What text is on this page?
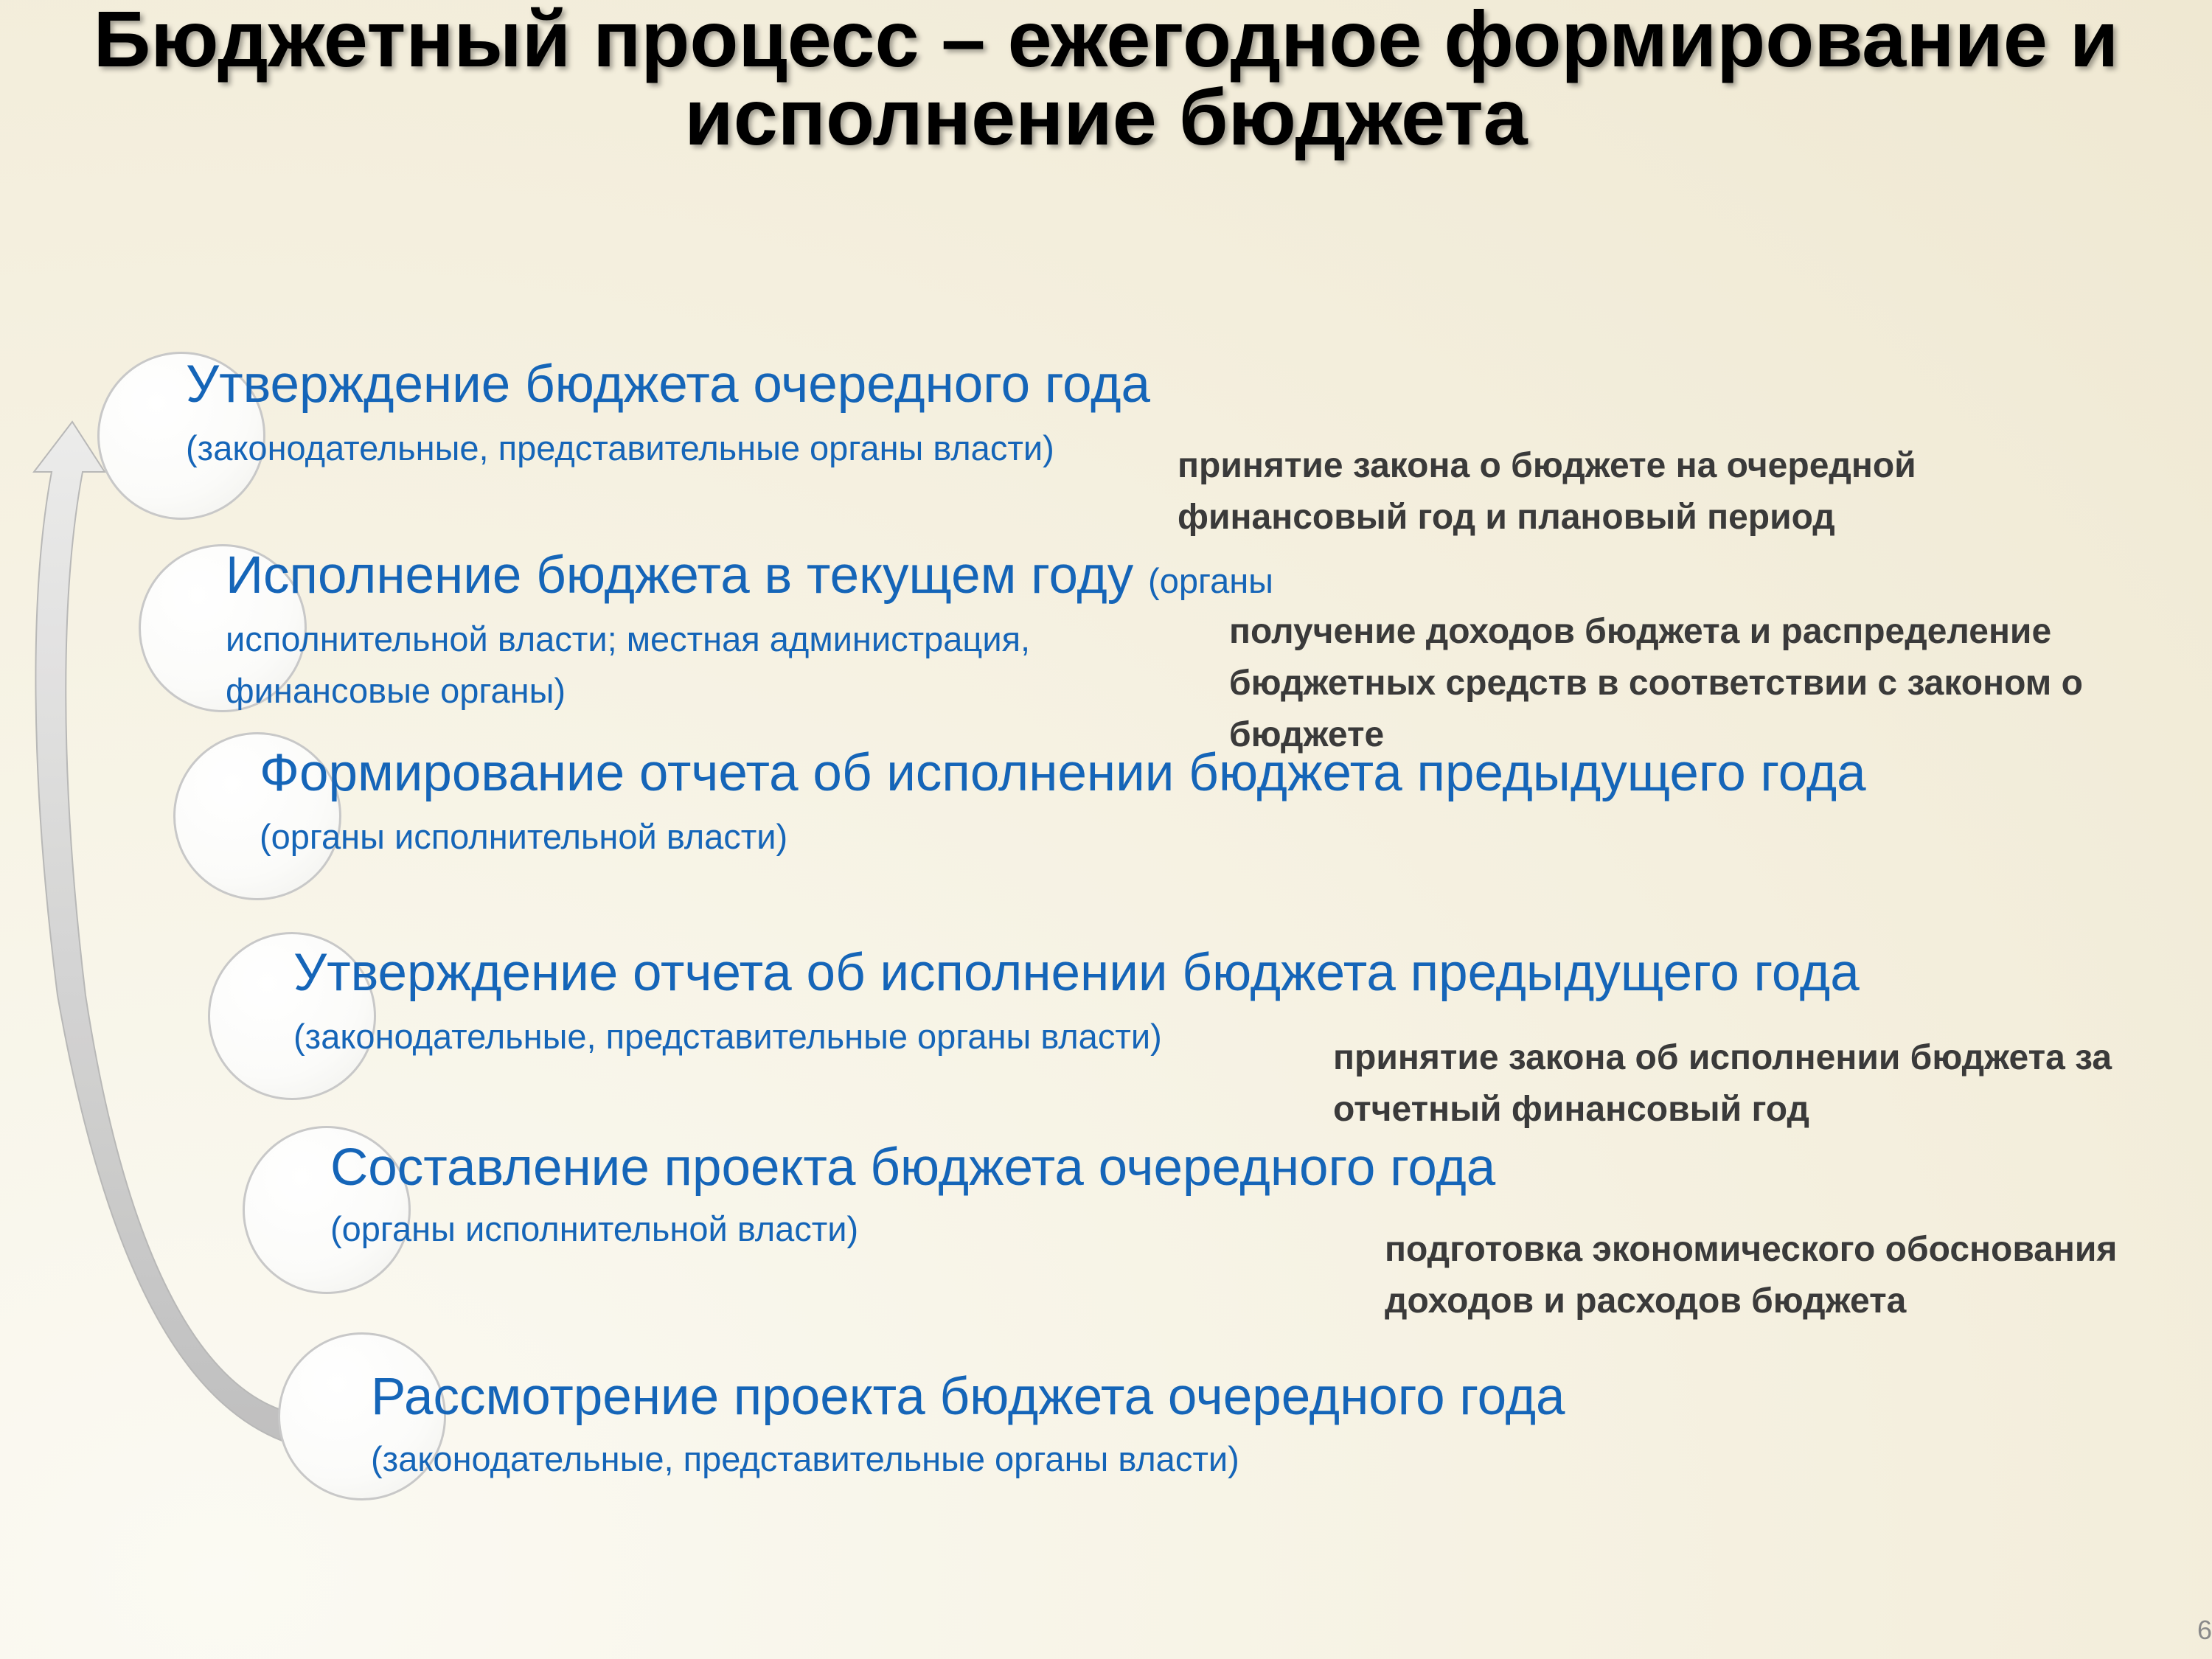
Бюджетный процесс – ежегодное формирование и
исполнение бюджета
Утверждение бюджета очередного года
(законодательные, представительные органы власти)	принятие закона о бюджете на очередной финансовый год и плановый период
Исполнение бюджета в текущем году (органы
исполнительной власти; местная администрация,
финансовые органы)
получение доходов бюджета и распределение бюджетных средств в соответствии с законом о бюджете
Формирование отчета об исполнении бюджета предыдущего года
(органы исполнительной власти)
Утверждение отчета об исполнении бюджета предыдущего года
(законодательные, представительные органы власти)
принятие закона об исполнении бюджета за отчетный финансовый год
Составление проекта бюджета очередного года
(органы исполнительной власти)
подготовка экономического обоснования доходов и расходов бюджета
Рассмотрение проекта бюджета очередного года
(законодательные, представительные органы власти)
6
